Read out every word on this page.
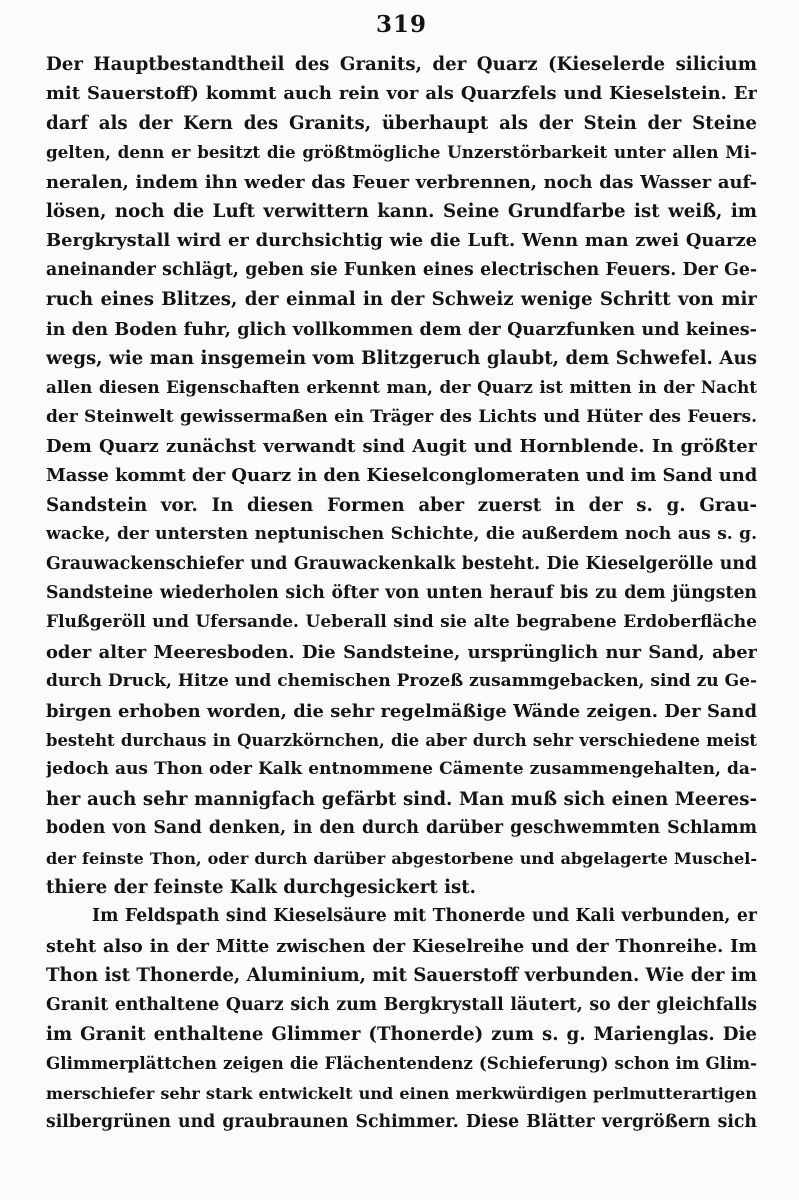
319
Der Hauptbestandtheil des Granits, der Quarz (Kieselerde silicium
mit Sauerstoff) kommt auch rein vor als Quarzfels und Kieselstein. Er
darf als der Kern des Granits, überhaupt als der Stein der Steine
gelten, denn er besitzt die größtmögliche Unzerstörbarkeit unter allen Mi-
neralen, indem ihn weder das Feuer verbrennen, noch das Wasser auf-
lösen, noch die Luft verwittern kann. Seine Grundfarbe ist weiß, im
Bergkrystall wird er durchsichtig wie die Luft. Wenn man zwei Quarze
aneinander schlägt, geben sie Funken eines electrischen Feuers. Der Ge-
ruch eines Blitzes, der einmal in der Schweiz wenige Schritt von mir
in den Boden fuhr, glich vollkommen dem der Quarzfunken und keines-
wegs, wie man insgemein vom Blitzgeruch glaubt, dem Schwefel. Aus
allen diesen Eigenschaften erkennt man, der Quarz ist mitten in der Nacht
der Steinwelt gewissermaßen ein Träger des Lichts und Hüter des Feuers.
Dem Quarz zunächst verwandt sind Augit und Hornblende. In größter
Masse kommt der Quarz in den Kieselconglomeraten und im Sand und
Sandstein vor. In diesen Formen aber zuerst in der s. g. Grau-
wacke, der untersten neptunischen Schichte, die außerdem noch aus s. g.
Grauwackenschiefer und Grauwackenkalk besteht. Die Kieselgerölle und
Sandsteine wiederholen sich öfter von unten herauf bis zu dem jüngsten
Flußgeröll und Ufersande. Ueberall sind sie alte begrabene Erdoberfläche
oder alter Meeresboden. Die Sandsteine, ursprünglich nur Sand, aber
durch Druck, Hitze und chemischen Prozeß zusammgebacken, sind zu Ge-
birgen erhoben worden, die sehr regelmäßige Wände zeigen. Der Sand
besteht durchaus in Quarzkörnchen, die aber durch sehr verschiedene meist
jedoch aus Thon oder Kalk entnommene Cämente zusammengehalten, da-
her auch sehr mannigfach gefärbt sind. Man muß sich einen Meeres-
boden von Sand denken, in den durch darüber geschwemmten Schlamm
der feinste Thon, oder durch darüber abgestorbene und abgelagerte Muschel-
thiere der feinste Kalk durchgesickert ist.
Im Feldspath sind Kieselsäure mit Thonerde und Kali verbunden, er
steht also in der Mitte zwischen der Kieselreihe und der Thonreihe. Im
Thon ist Thonerde, Aluminium, mit Sauerstoff verbunden. Wie der im
Granit enthaltene Quarz sich zum Bergkrystall läutert, so der gleichfalls
im Granit enthaltene Glimmer (Thonerde) zum s. g. Marienglas. Die
Glimmerplättchen zeigen die Flächentendenz (Schieferung) schon im Glim-
merschiefer sehr stark entwickelt und einen merkwürdigen perlmutterartigen
silbergrünen und graubraunen Schimmer. Diese Blätter vergrößern sich
